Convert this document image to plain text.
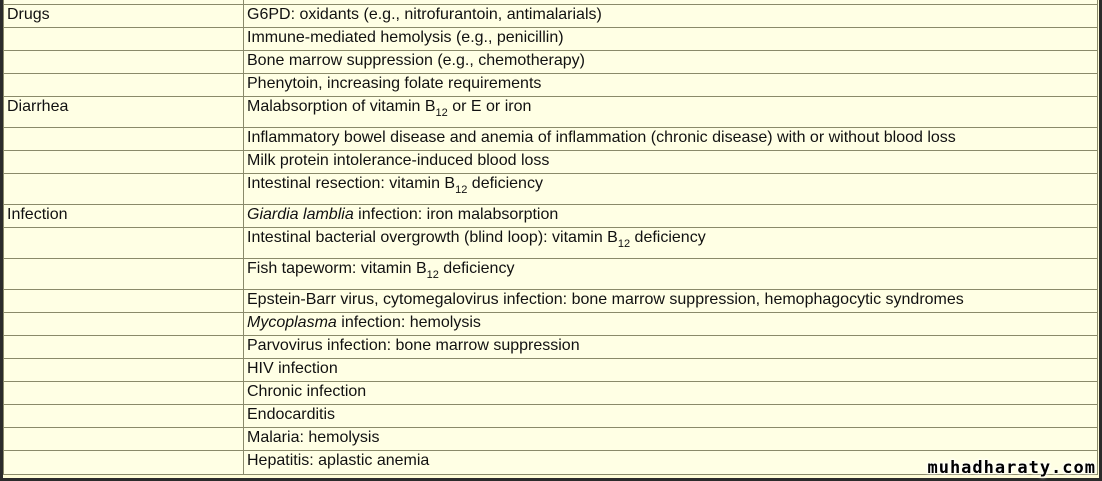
Drugs	G6PD: oxidants (e.g., nitrofurantoin, antimalarials)
	Immune-mediated hemolysis (e.g., penicillin)
	Bone marrow suppression (e.g., chemotherapy)
	Phenytoin, increasing folate requirements
Diarrhea	Malabsorption of vitamin $B_{12}$ or E or iron
	Inflammatory bowel disease and anemia of inflammation (chronic disease) with or without blood loss
	Milk protein intolerance-induced blood loss
	Intestinal resection: vitamin $B_{12}$ deficiency
Infection	Giardia lamblia infection: iron malabsorption
	Intestinal bacterial overgrowth (blind loop): vitamin $B_{12}$ deficiency
	Fish tapeworm: vitamin $B_{12}$ deficiency
	Epstein-Barr virus, cytomegalovirus infection: bone marrow suppression, hemophagocytic syndromes
	Mycoplasma infection: hemolysis
	Parvovirus infection: bone marrow suppression
	HIV infection
	Chronic infection
	Endocarditis
	Malaria: hemolysis
	Hepatitis: aplastic anemia	muhadharaty.com
